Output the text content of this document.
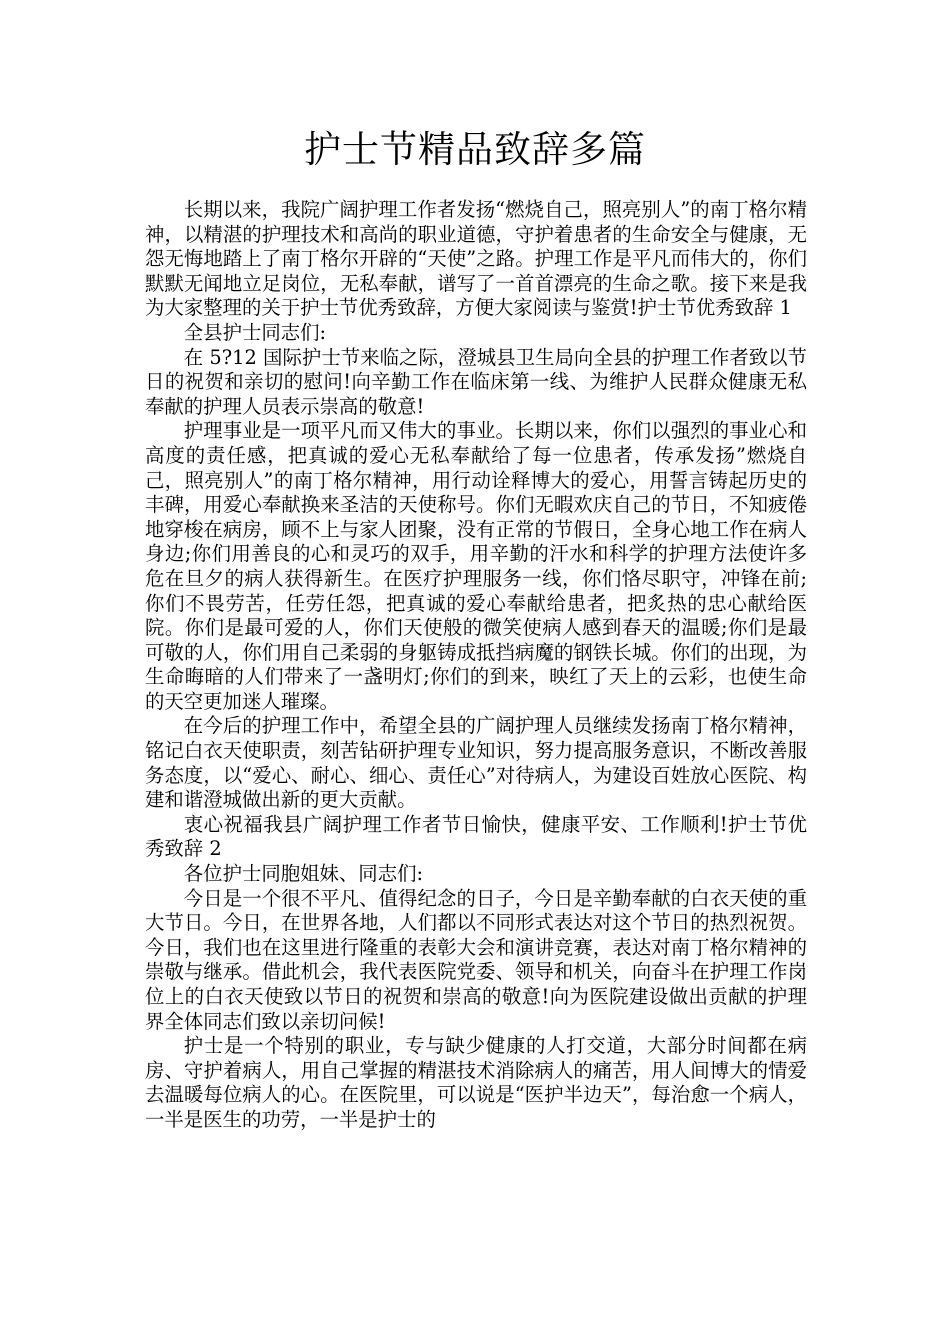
护士节精品致辞多篇

长期以来，我院广阔护理工作者发扬“燃烧自己，照亮别人”的南丁格尔精神，以精湛的护理技术和高尚的职业道德，守护着患者的生命安全与健康，无怨无悔地踏上了南丁格尔开辟的“天使”之路。护理工作是平凡而伟大的，你们默默无闻地立足岗位，无私奉献，谱写了一首首漂亮的生命之歌。接下来是我为大家整理的关于护士节优秀致辞，方便大家阅读与鉴赏!护士节优秀致辞 1

全县护士同志们:

在 5?12 国际护士节来临之际，澄城县卫生局向全县的护理工作者致以节日的祝贺和亲切的慰问!向辛勤工作在临床第一线、为维护人民群众健康无私奉献的护理人员表示崇高的敬意!

护理事业是一项平凡而又伟大的事业。长期以来，你们以强烈的事业心和高度的责任感，把真诚的爱心无私奉献给了每一位患者，传承发扬”燃烧自己，照亮别人”的南丁格尔精神，用行动诠释博大的爱心，用誓言铸起历史的丰碑，用爱心奉献换来圣洁的天使称号。你们无暇欢庆自己的节日，不知疲倦地穿梭在病房，顾不上与家人团聚，没有正常的节假日，全身心地工作在病人身边;你们用善良的心和灵巧的双手，用辛勤的汗水和科学的护理方法使许多危在旦夕的病人获得新生。在医疗护理服务一线，你们恪尽职守，冲锋在前;你们不畏劳苦，任劳任怨，把真诚的爱心奉献给患者，把炙热的忠心献给医院。你们是最可爱的人，你们天使般的微笑使病人感到春天的温暖;你们是最可敬的人，你们用自己柔弱的身躯铸成抵挡病魔的钢铁长城。你们的出现，为生命晦暗的人们带来了一盏明灯;你们的到来，映红了天上的云彩，也使生命的天空更加迷人璀璨。

在今后的护理工作中，希望全县的广阔护理人员继续发扬南丁格尔精神，铭记白衣天使职责，刻苦钻研护理专业知识，努力提高服务意识，不断改善服务态度，以“爱心、耐心、细心、责任心”对待病人，为建设百姓放心医院、构建和谐澄城做出新的更大贡献。

衷心祝福我县广阔护理工作者节日愉快，健康平安、工作顺利!护士节优秀致辞 2

各位护士同胞姐妹、同志们:

今日是一个很不平凡、值得纪念的日子，今日是辛勤奉献的白衣天使的重大节日。今日，在世界各地，人们都以不同形式表达对这个节日的热烈祝贺。今日，我们也在这里进行隆重的表彰大会和演讲竞赛，表达对南丁格尔精神的崇敬与继承。借此机会，我代表医院党委、领导和机关，向奋斗在护理工作岗位上的白衣天使致以节日的祝贺和崇高的敬意!向为医院建设做出贡献的护理界全体同志们致以亲切问候!

护士是一个特别的职业，专与缺少健康的人打交道，大部分时间都在病房、守护着病人，用自己掌握的精湛技术消除病人的痛苦，用人间博大的情爱去温暖每位病人的心。在医院里，可以说是“医护半边天”，每治愈一个病人，一半是医生的功劳，一半是护士的
